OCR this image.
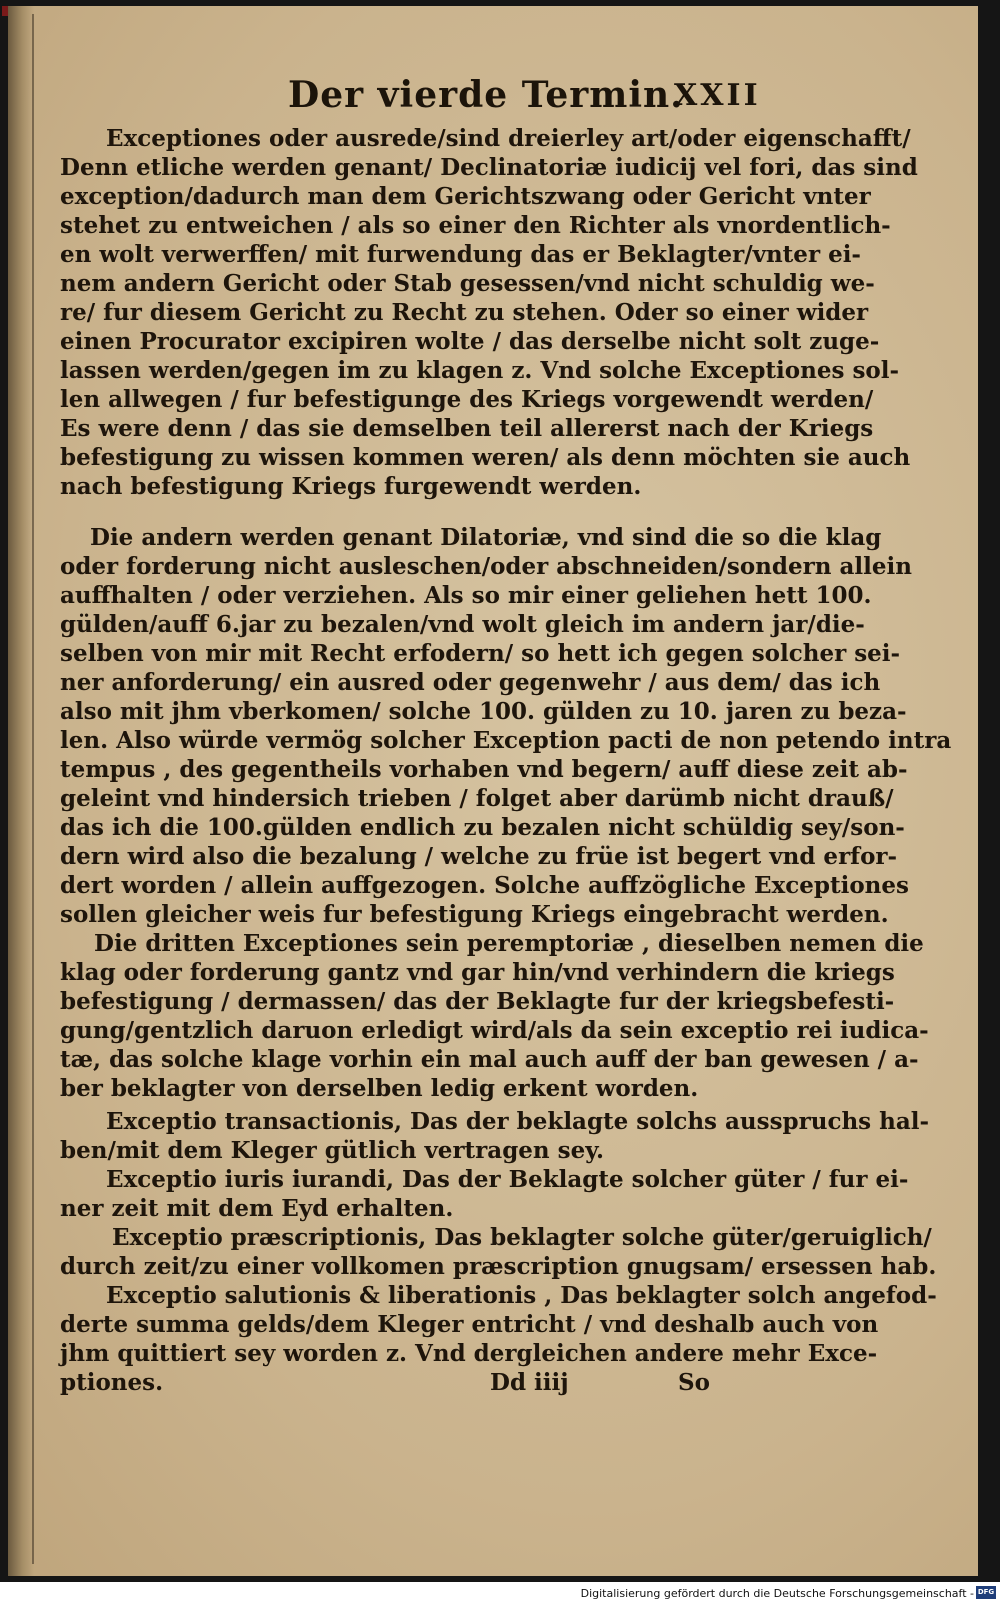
Der vierde Termin.
XXII
Exceptiones oder ausrede/sind dreierley art/oder eigenschafft/
Denn etliche werden genant/ Declinatoriæ iudicij vel fori, das sind
exception/dadurch man dem Gerichtszwang oder Gericht vnter
stehet zu entweichen / als so einer den Richter als vnordentlich-
en wolt verwerffen/ mit furwendung das er Beklagter/vnter ei-
nem andern Gericht oder Stab gesessen/vnd nicht schuldig we-
re/ fur diesem Gericht zu Recht zu stehen. Oder so einer wider
einen Procurator excipiren wolte / das derselbe nicht solt zuge-
lassen werden/gegen im zu klagen z. Vnd solche Exceptiones sol-
len allwegen / fur befestigunge des Kriegs vorgewendt werden/
Es were denn / das sie demselben teil allererst nach der Kriegs
befestigung zu wissen kommen weren/ als denn möchten sie auch
nach befestigung Kriegs furgewendt werden.
Die andern werden genant Dilatoriæ, vnd sind die so die klag
oder forderung nicht ausleschen/oder abschneiden/sondern allein
auffhalten / oder verziehen. Als so mir einer geliehen hett 100.
gülden/auff 6.jar zu bezalen/vnd wolt gleich im andern jar/die-
selben von mir mit Recht erfodern/ so hett ich gegen solcher sei-
ner anforderung/ ein ausred oder gegenwehr / aus dem/ das ich
also mit jhm vberkomen/ solche 100. gülden zu 10. jaren zu beza-
len. Also würde vermög solcher Exception pacti de non petendo intra
tempus , des gegentheils vorhaben vnd begern/ auff diese zeit ab-
geleint vnd hindersich trieben / folget aber darümb nicht drauß/
das ich die 100.gülden endlich zu bezalen nicht schüldig sey/son-
dern wird also die bezalung / welche zu früe ist begert vnd erfor-
dert worden / allein auffgezogen. Solche auffzögliche Exceptiones
sollen gleicher weis fur befestigung Kriegs eingebracht werden.
Die dritten Exceptiones sein peremptoriæ , dieselben nemen die
klag oder forderung gantz vnd gar hin/vnd verhindern die kriegs
befestigung / dermassen/ das der Beklagte fur der kriegsbefesti-
gung/gentzlich daruon erledigt wird/als da sein exceptio rei iudica-
tæ, das solche klage vorhin ein mal auch auff der ban gewesen / a-
ber beklagter von derselben ledig erkent worden.
Exceptio transactionis, Das der beklagte solchs ausspruchs hal-
ben/mit dem Kleger gütlich vertragen sey.
Exceptio iuris iurandi, Das der Beklagte solcher güter / fur ei-
ner zeit mit dem Eyd erhalten.
Exceptio præscriptionis, Das beklagter solche güter/geruiglich/
durch zeit/zu einer vollkomen præscription gnugsam/ ersessen hab.
Exceptio salutionis & liberationis , Das beklagter solch angefod-
derte summa gelds/dem Kleger entricht / vnd deshalb auch von
jhm quittiert sey worden z. Vnd dergleichen andere mehr Exce-
ptiones.	Dd iiij	So
Digitalisierung gefördert durch die Deutsche Forschungsgemeinschaft - DFG
